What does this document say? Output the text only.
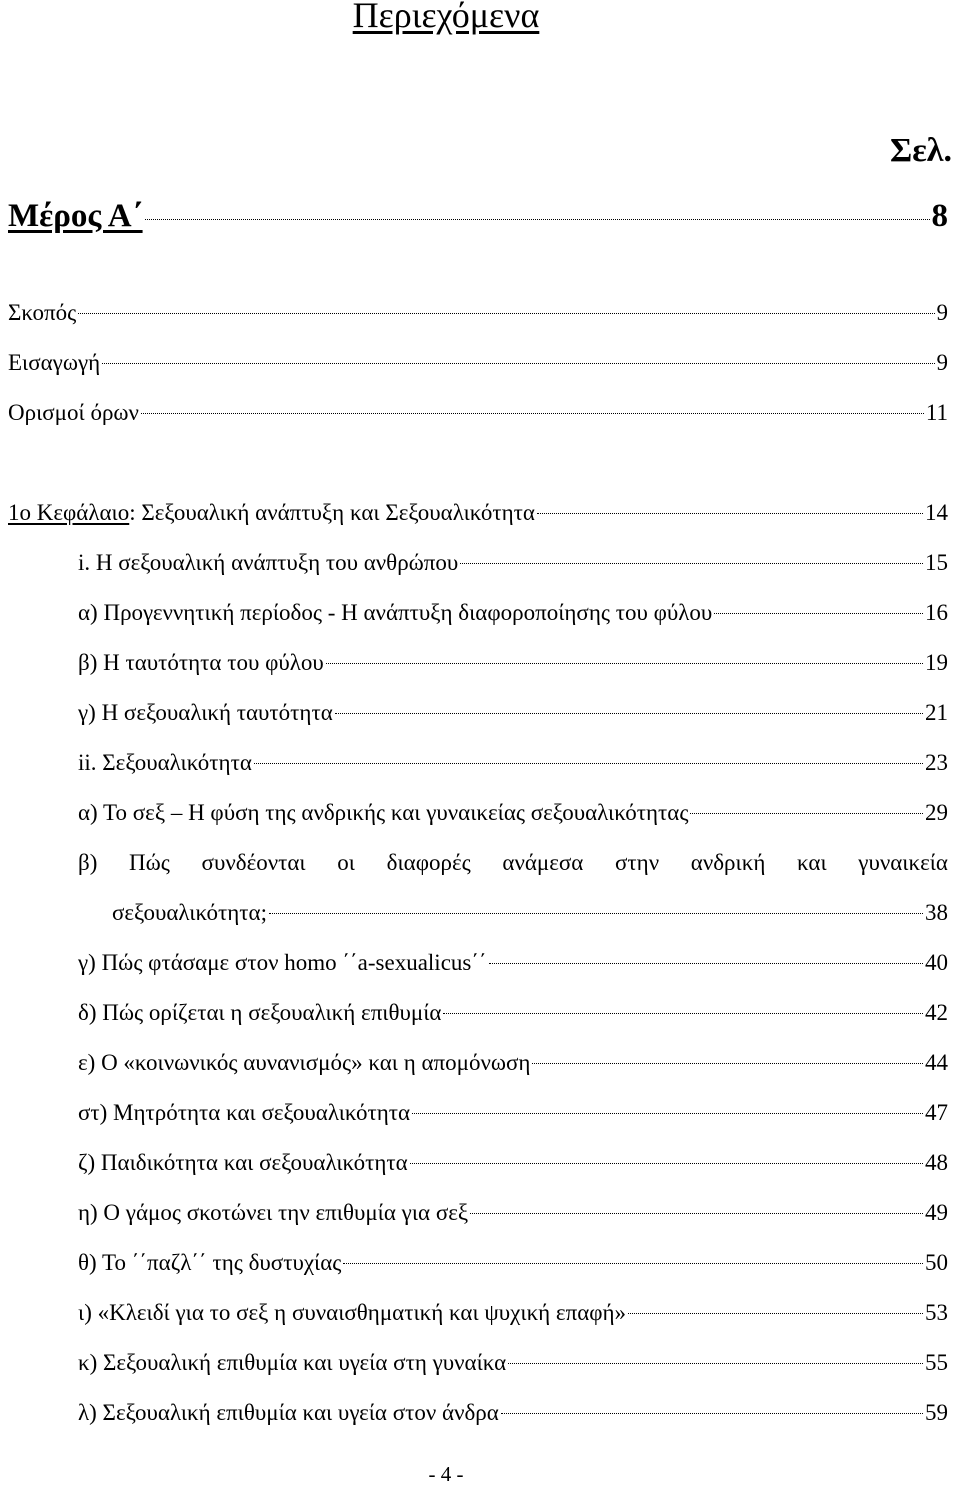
Περιεχόμενα
Σελ.
Μέρος Α΄	8
Σκοπός	9
Εισαγωγή	9
Ορισμοί όρων	11
1ο Κεφάλαιο: Σεξουαλική ανάπτυξη και Σεξουαλικότητα	14
i. Η σεξουαλική ανάπτυξη του ανθρώπου	15
α) Προγεννητική περίοδος - Η ανάπτυξη διαφοροποίησης του φύλου	16
β) Η ταυτότητα του φύλου	19
γ) Η σεξουαλική ταυτότητα	21
ii. Σεξουαλικότητα	23
α) Το σεξ – Η φύση της ανδρικής και γυναικείας σεξουαλικότητας	29
β) Πώς συνδέονται οι διαφορές ανάμεσα στην ανδρική και γυναικεία
σεξουαλικότητα;	38
γ) Πώς φτάσαμε στον homo ΄΄a-sexualicus΄΄	40
δ) Πώς ορίζεται η σεξουαλική επιθυμία	42
ε) Ο «κοινωνικός αυνανισμός» και η απομόνωση	44
στ) Μητρότητα και σεξουαλικότητα	47
ζ) Παιδικότητα και σεξουαλικότητα	48
η) Ο γάμος σκοτώνει την επιθυμία για σεξ	49
θ) Το ΄΄παζλ΄΄ της δυστυχίας	50
ι) «Κλειδί για το σεξ η συναισθηματική και ψυχική επαφή»	53
κ) Σεξουαλική επιθυμία και υγεία στη γυναίκα	55
λ) Σεξουαλική επιθυμία και υγεία στον άνδρα	59
- 4 -
